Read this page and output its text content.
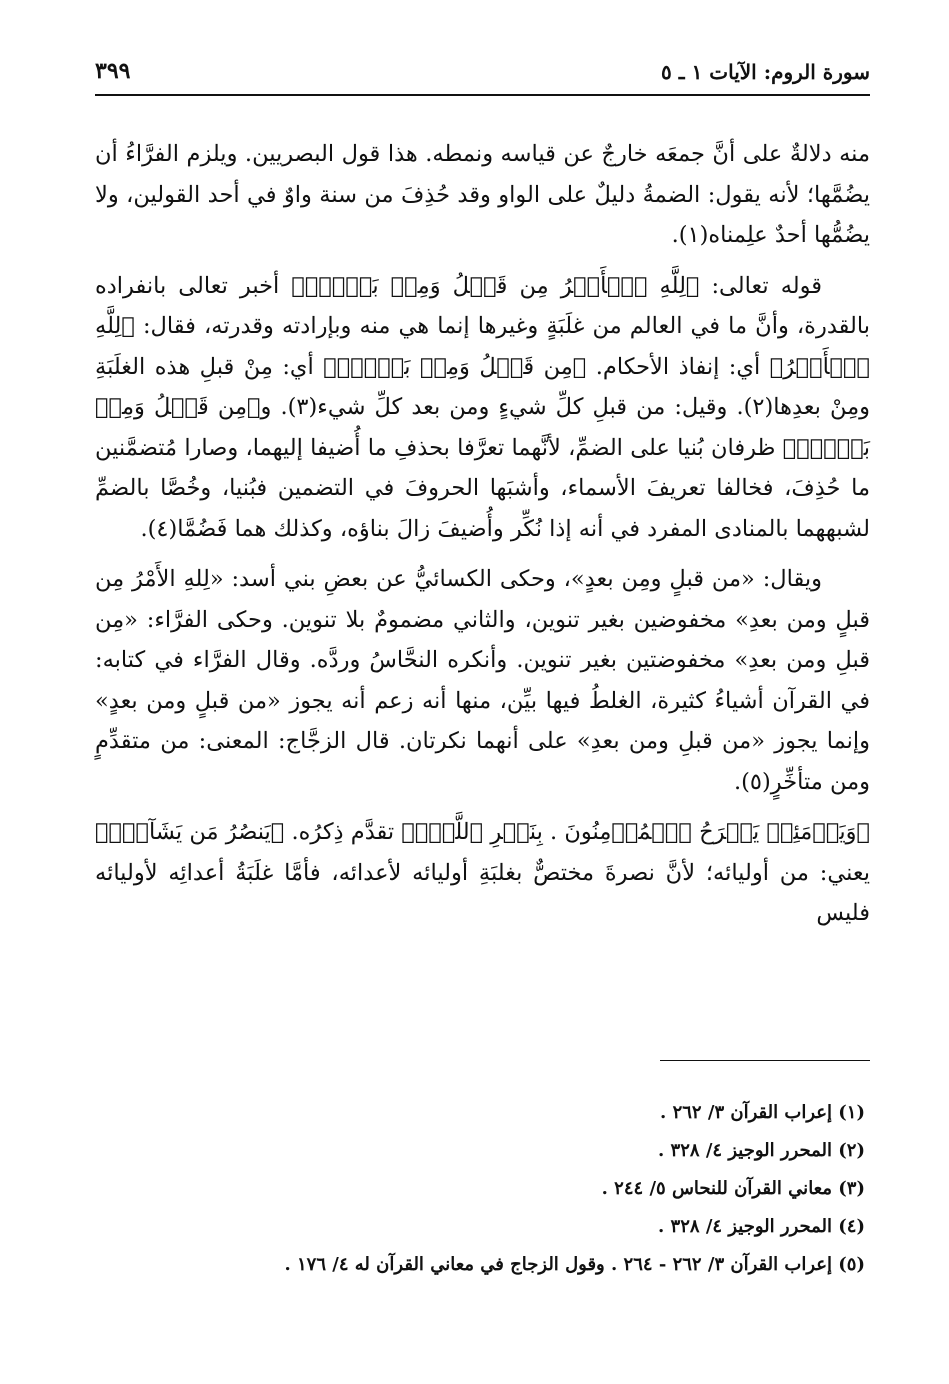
سورة الروم: الآيات ١ ـ ٥
٣٩٩

منه دلالةٌ على أنَّ جمعَه خارجٌ عن قياسه ونمطه. هذا قول البصريين. ويلزم الفرَّاءُ أن يضُمَّها؛ لأنه يقول: الضمةُ دليلٌ على الواو وقد حُذِفَ من سنة واوٌ في أحد القولين، ولا يضُمُّها أحدٌ علِمناه(١).

قوله تعالى: ﴿لِلَّهِ ٱلۡأَمۡرُ مِن قَبۡلُ وَمِنۢ بَعۡدُۚ﴾ أخبر تعالى بانفراده بالقدرة، وأنَّ ما في العالم من غلَبَةٍ وغيرها إنما هي منه وبإرادته وقدرته، فقال: ﴿لِلَّهِ ٱلۡأَمۡرُ﴾ أي: إنفاذ الأحكام. ﴿مِن قَبۡلُ وَمِنۢ بَعۡدُۚ﴾ أي: مِنْ قبلِ هذه الغلَبَةِ ومِنْ بعدِها(٢). وقيل: من قبلِ كلِّ شيءٍ ومن بعد كلِّ شيء(٣). و﴿مِن قَبۡلُ وَمِنۢ بَعۡدُۚ﴾ ظرفان بُنيا على الضمِّ، لأنَّهما تعرَّفا بحذفِ ما أُضيفا إليهما، وصارا مُتضمَّنين ما حُذِفَ، فخالفا تعريفَ الأسماء، وأشبَها الحروفَ في التضمين فبُنيا، وخُصَّا بالضمِّ لشبههما بالمنادى المفرد في أنه إذا نُكِّر وأُضيفَ زالَ بناؤه، وكذلك هما فَضُمَّا(٤).

ويقال: «من قبلٍ ومِن بعدٍ»، وحكى الكسائيُّ عن بعضِ بني أسد: «لِلهِ الأَمْرُ مِن قبلٍ ومن بعدِ» مخفوضين بغير تنوين، والثاني مضمومٌ بلا تنوين. وحكى الفرَّاء: «مِن قبلِ ومن بعدِ» مخفوضتين بغير تنوين. وأنكره النحَّاسُ وردَّه. وقال الفرَّاء في كتابه: في القرآن أشياءُ كثيرة، الغلطُ فيها بيِّن، منها أنه زعم أنه يجوز «من قبلٍ ومن بعدٍ» وإنما يجوز «من قبلِ ومن بعدِ» على أنهما نكرتان. قال الزجَّاج: المعنى: من متقدِّمٍ ومن متأخِّرٍ(٥).

﴿وَيَوۡمَئِذٖ يَفۡرَحُ ٱلۡمُؤۡمِنُونَ . بِنَصۡرِ ٱللَّهِۚ﴾ تقدَّم ذِكرُه. ﴿يَنصُرُ مَن يَشَآءُۖ﴾ يعني: من أوليائه؛ لأنَّ نصرةَ مختصٌّ بغلبَةِ أوليائه لأعدائه، فأمَّا غلَبَةُ أعدائِه لأوليائه فليس

(١) إعراب القرآن ٣/ ٢٦٢ .
(٢) المحرر الوجيز ٤/ ٣٢٨ .
(٣) معاني القرآن للنحاس ٥/ ٢٤٤ .
(٤) المحرر الوجيز ٤/ ٣٢٨ .
(٥) إعراب القرآن ٣/ ٢٦٢ - ٢٦٤ . وقول الزجاج في معاني القرآن له ٤/ ١٧٦ .
